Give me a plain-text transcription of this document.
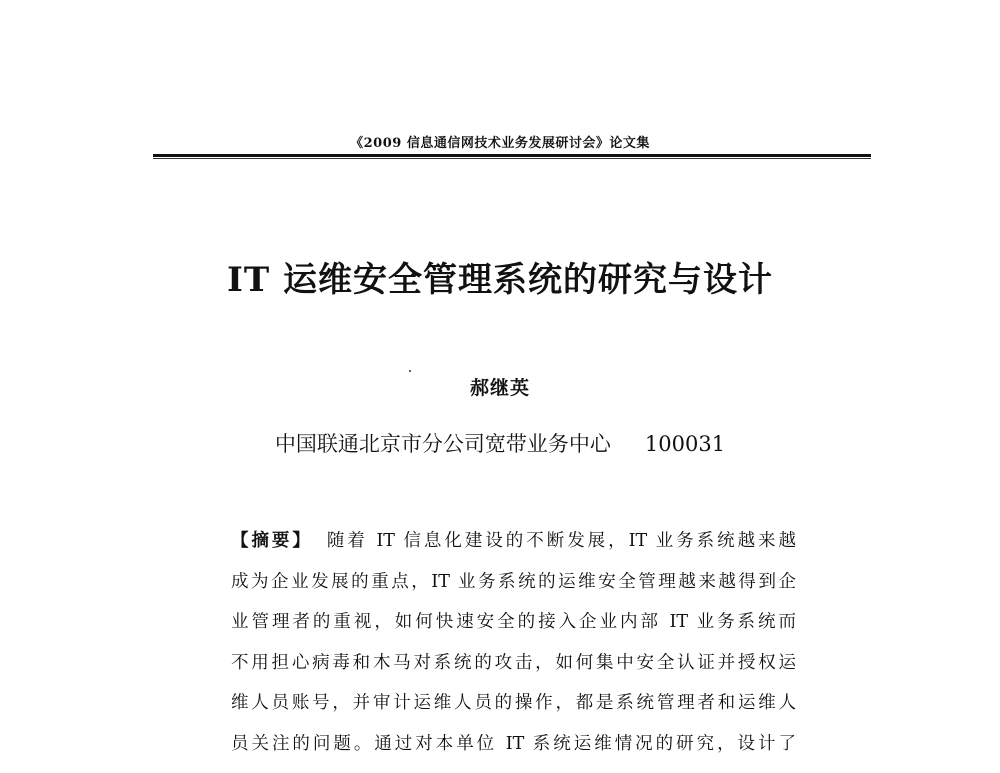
《2009 信息通信网技术业务发展研讨会》论文集
IT 运维安全管理系统的研究与设计
郝继英
中国联通北京市分公司宽带业务中心 100031
【摘要】 随着 IT 信息化建设的不断发展，IT 业务系统越来越
成为企业发展的重点，IT 业务系统的运维安全管理越来越得到企
业管理者的重视，如何快速安全的接入企业内部 IT 业务系统而
不用担心病毒和木马对系统的攻击，如何集中安全认证并授权运
维人员账号，并审计运维人员的操作，都是系统管理者和运维人
员关注的问题。通过对本单位 IT 系统运维情况的研究，设计了
